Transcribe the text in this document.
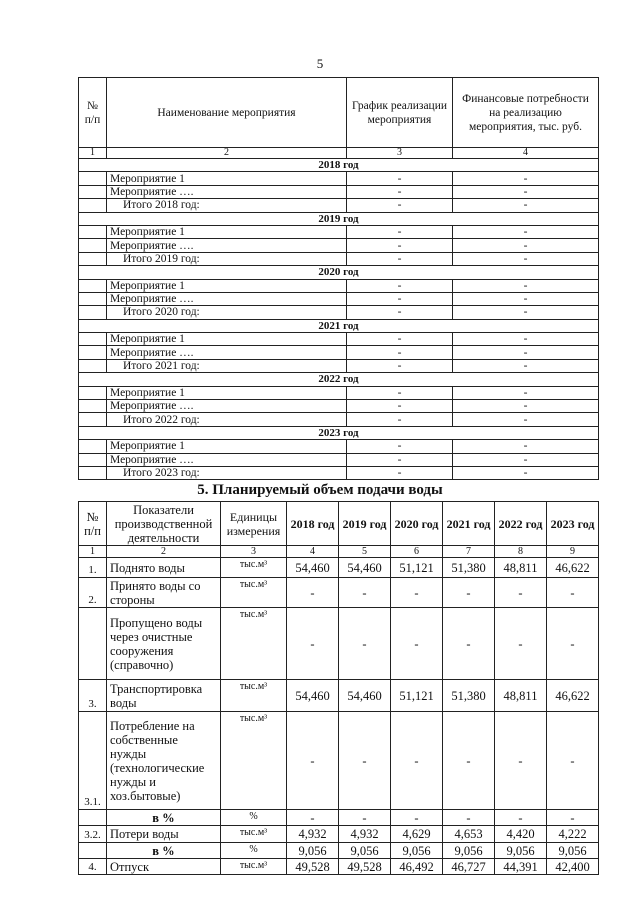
5
№ п/п	Наименование мероприятия	График реализации мероприятия	Финансовые потребности на реализацию мероприятия, тыс. руб.
1	2	3	4
2018 год			
	Мероприятие 1	-	-
	Мероприятие ….	-	-
	Итого 2018 год:	-	-
2019 год			
	Мероприятие 1	-	-
	Мероприятие ….	-	-
	Итого 2019 год:	-	-
2020 год			
	Мероприятие 1	-	-
	Мероприятие ….	-	-
	Итого 2020 год:	-	-
2021 год			
	Мероприятие 1	-	-
	Мероприятие ….	-	-
	Итого 2021 год:	-	-
2022 год			
	Мероприятие 1	-	-
	Мероприятие ….	-	-
	Итого 2022 год:	-	-
2023 год			
	Мероприятие 1	-	-
	Мероприятие ….	-	-
	Итого 2023 год:	-	-
5. Планируемый объем подачи воды
№ п/п	Показатели производственной деятельности	Единицы измерения	2018 год	2019 год	2020 год	2021 год	2022 год	2023 год
1	2	3	4	5	6	7	8	9
1.	Поднято воды	тыс.м³	54,460	54,460	51,121	51,380	48,811	46,622
2.	Принято воды со стороны	тыс.м³	-	-	-	-	-	-
	Пропущено воды через очистные сооружения (справочно)	тыс.м³	-	-	-	-	-	-
3.	Транспортировка воды	тыс.м³	54,460	54,460	51,121	51,380	48,811	46,622
3.1.	Потребление на собственные нужды (технологические нужды и хоз.бытовые)	тыс.м³	-	-	-	-	-	-
	в %	%	-	-	-	-	-	-
3.2.	Потери воды	тыс.м³	4,932	4,932	4,629	4,653	4,420	4,222
	в %	%	9,056	9,056	9,056	9,056	9,056	9,056
4.	Отпуск	тыс.м³	49,528	49,528	46,492	46,727	44,391	42,400
